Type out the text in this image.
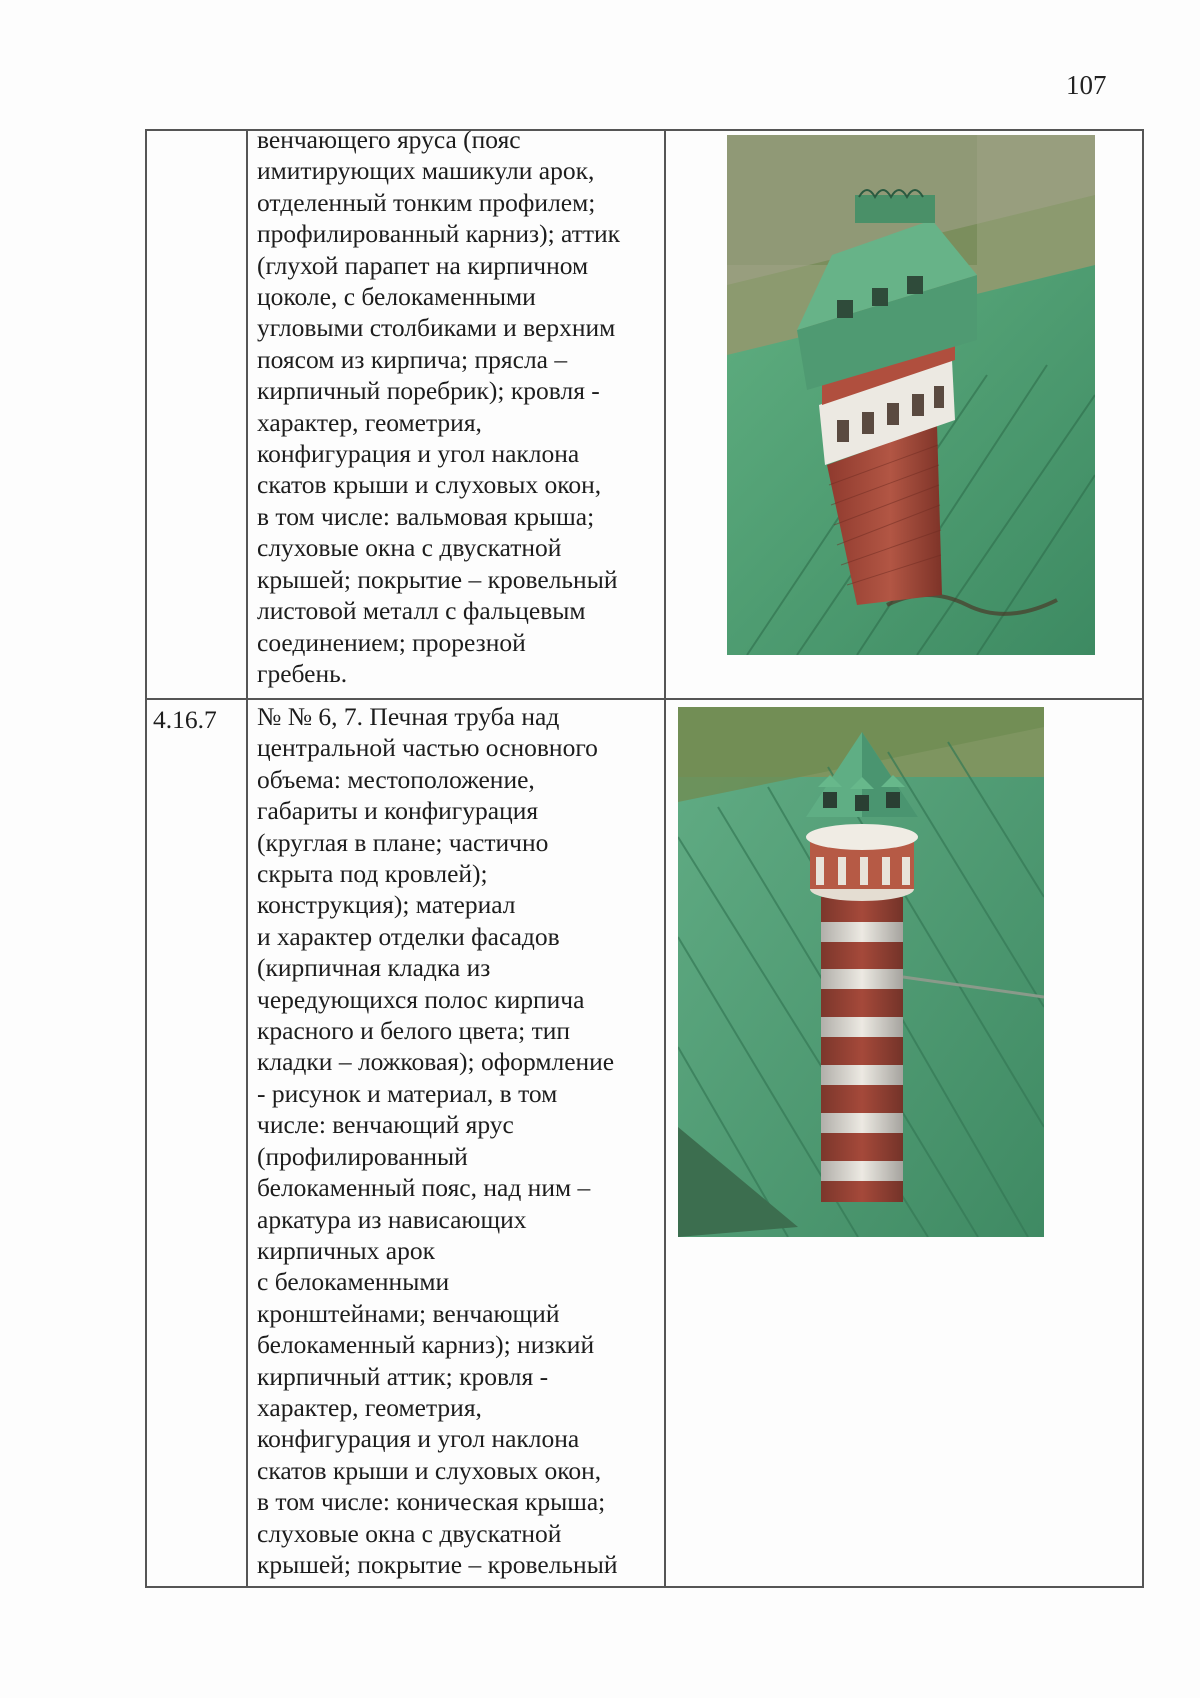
107
венчающего яруса (пояс
имитирующих машикули арок,
отделенный тонким профилем;
профилированный карниз); аттик
(глухой парапет на кирпичном
цоколе, с белокаменными
угловыми столбиками и верхним
поясом из кирпича; прясла –
кирпичный поребрик); кровля -
характер, геометрия,
конфигурация и угол наклона
скатов крыши и слуховых окон,
в том числе: вальмовая крыша;
слуховые окна с двускатной
крышей; покрытие – кровельный
листовой металл с фальцевым
соединением; прорезной
гребень.
4.16.7 № № 6, 7. Печная труба над
центральной частью основного
объема: местоположение,
габариты и конфигурация
(круглая в плане; частично
скрыта под кровлей);
конструкция); материал
и характер отделки фасадов
(кирпичная кладка из
чередующихся полос кирпича
красного и белого цвета; тип
кладки – ложковая); оформление
- рисунок и материал, в том
числе: венчающий ярус
(профилированный
белокаменный пояс, над ним –
аркатура из нависающих
кирпичных арок
с белокаменными
кронштейнами; венчающий
белокаменный карниз); низкий
кирпичный аттик; кровля -
характер, геометрия,
конфигурация и угол наклона
скатов крыши и слуховых окон,
в том числе: коническая крыша;
слуховые окна с двускатной
крышей; покрытие – кровельный
